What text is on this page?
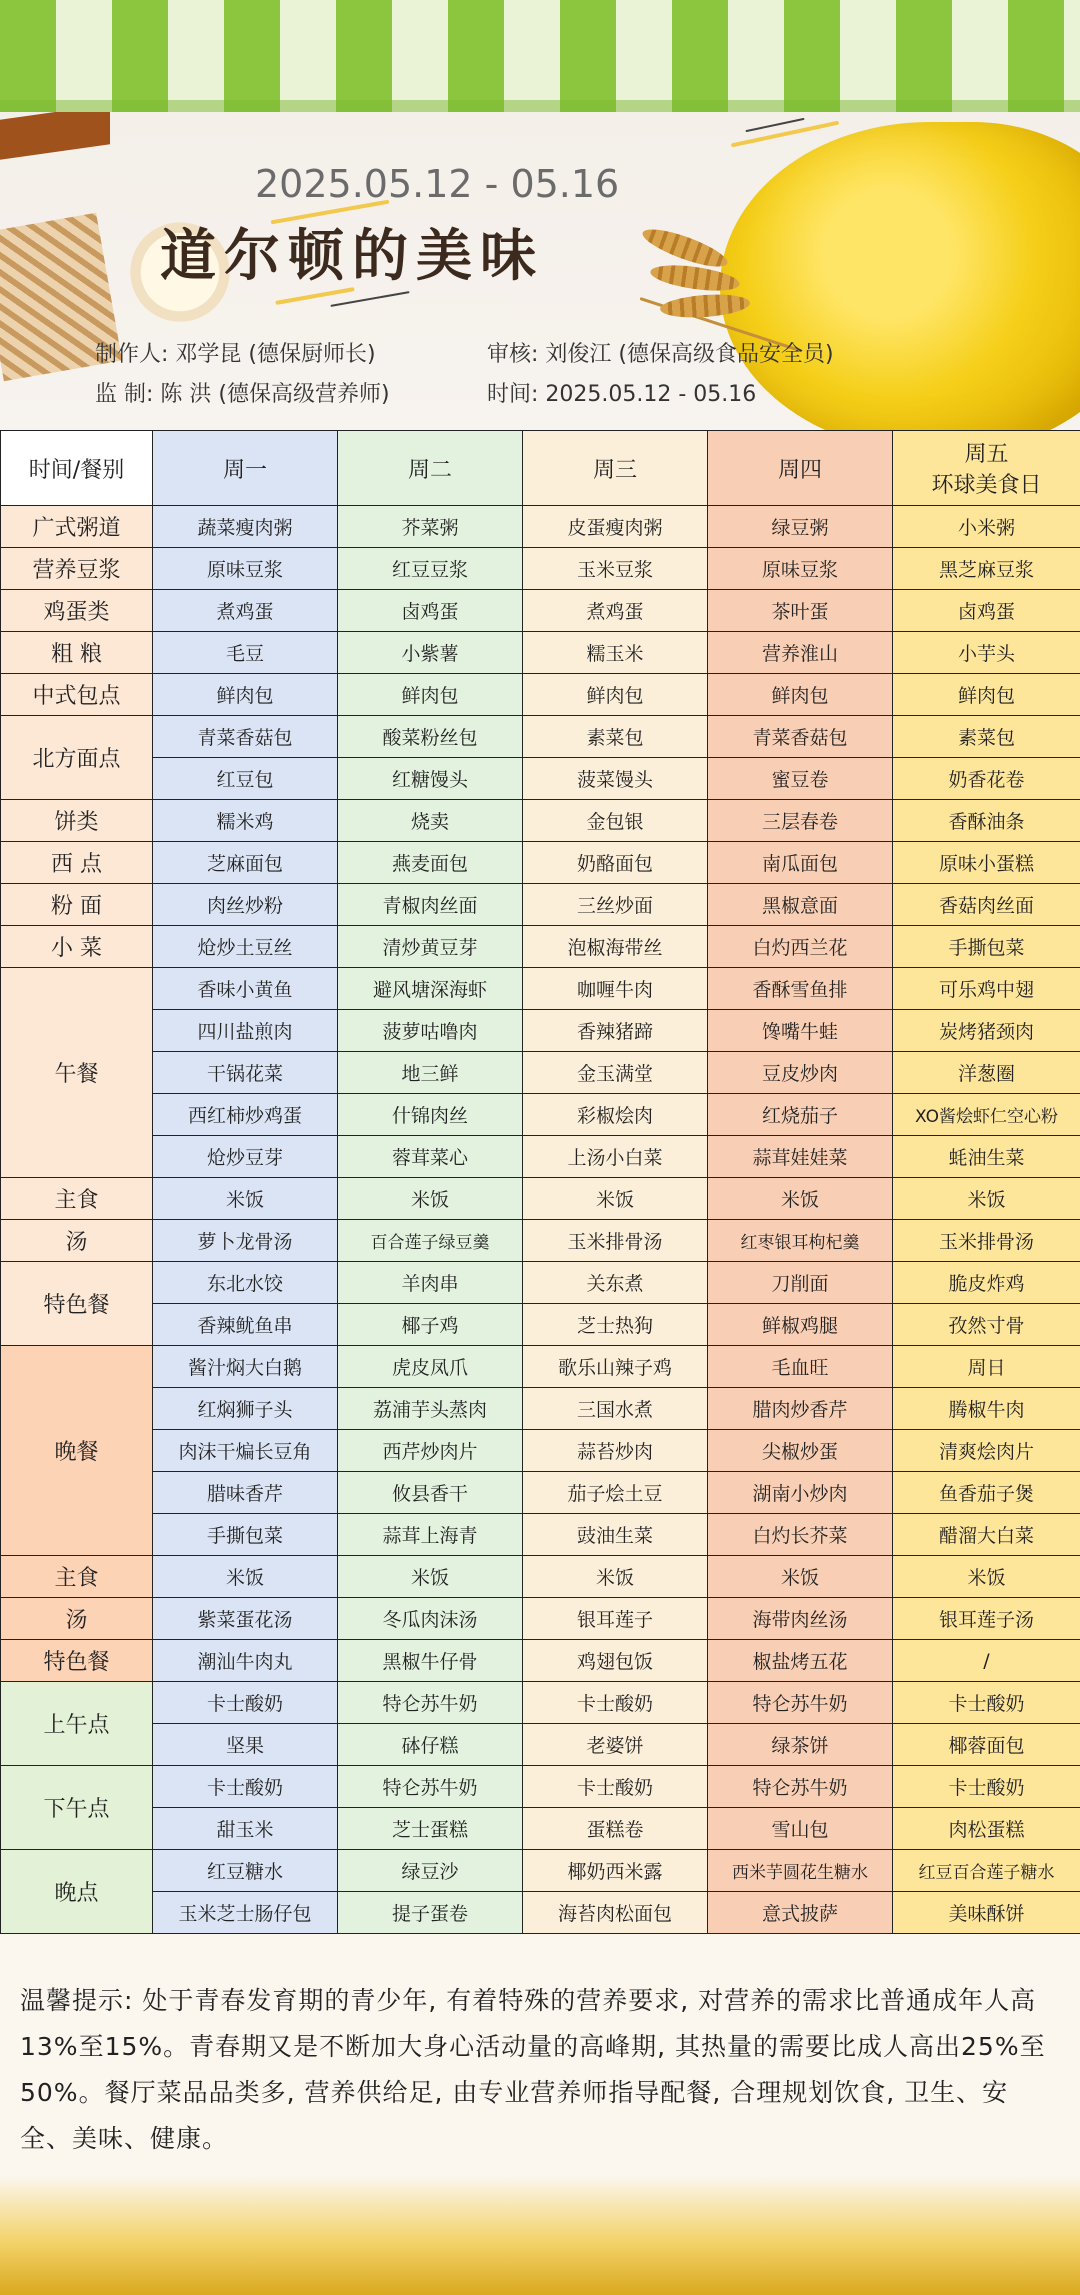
2025.05.12 - 05.16
道尔顿的美味
制作人: 邓学昆 (德保厨师长)	审核: 刘俊江 (德保高级食品安全员)
监 制: 陈 洪 (德保高级营养师)	时间: 2025.05.12 - 05.16
时间/餐别	周一	周二	周三	周四	周五
环球美食日
广式粥道	蔬菜瘦肉粥	芥菜粥	皮蛋瘦肉粥	绿豆粥	小米粥
营养豆浆	原味豆浆	红豆豆浆	玉米豆浆	原味豆浆	黑芝麻豆浆
鸡蛋类	煮鸡蛋	卤鸡蛋	煮鸡蛋	茶叶蛋	卤鸡蛋
粗 粮	毛豆	小紫薯	糯玉米	营养淮山	小芋头
中式包点	鲜肉包	鲜肉包	鲜肉包	鲜肉包	鲜肉包
北方面点	青菜香菇包	酸菜粉丝包	素菜包	青菜香菇包	素菜包
	红豆包	红糖馒头	菠菜馒头	蜜豆卷	奶香花卷
饼类	糯米鸡	烧卖	金包银	三层春卷	香酥油条
西 点	芝麻面包	燕麦面包	奶酪面包	南瓜面包	原味小蛋糕
粉 面	肉丝炒粉	青椒肉丝面	三丝炒面	黑椒意面	香菇肉丝面
小 菜	炝炒土豆丝	清炒黄豆芽	泡椒海带丝	白灼西兰花	手撕包菜
午餐	香味小黄鱼	避风塘深海虾	咖喱牛肉	香酥雪鱼排	可乐鸡中翅
	四川盐煎肉	菠萝咕噜肉	香辣猪蹄	馋嘴牛蛙	炭烤猪颈肉
	干锅花菜	地三鲜	金玉满堂	豆皮炒肉	洋葱圈
	西红柿炒鸡蛋	什锦肉丝	彩椒烩肉	红烧茄子	XO酱烩虾仁空心粉
	炝炒豆芽	蓉茸菜心	上汤小白菜	蒜茸娃娃菜	蚝油生菜
主食	米饭	米饭	米饭	米饭	米饭
汤	萝卜龙骨汤	百合莲子绿豆羹	玉米排骨汤	红枣银耳枸杞羹	玉米排骨汤
特色餐	东北水饺	羊肉串	关东煮	刀削面	脆皮炸鸡
	香辣鱿鱼串	椰子鸡	芝士热狗	鲜椒鸡腿	孜然寸骨
晚餐	酱汁焖大白鹅	虎皮凤爪	歌乐山辣子鸡	毛血旺	周日
	红焖狮子头	荔浦芋头蒸肉	三国水煮	腊肉炒香芹	腾椒牛肉
	肉沫干煸长豆角	西芹炒肉片	蒜苔炒肉	尖椒炒蛋	清爽烩肉片
	腊味香芹	攸县香干	茄子烩土豆	湖南小炒肉	鱼香茄子煲
	手撕包菜	蒜茸上海青	豉油生菜	白灼长芥菜	醋溜大白菜
主食	米饭	米饭	米饭	米饭	米饭
汤	紫菜蛋花汤	冬瓜肉沫汤	银耳莲子	海带肉丝汤	银耳莲子汤
特色餐	潮汕牛肉丸	黑椒牛仔骨	鸡翅包饭	椒盐烤五花	/
上午点	卡士酸奶	特仑苏牛奶	卡士酸奶	特仑苏牛奶	卡士酸奶
	坚果	砵仔糕	老婆饼	绿茶饼	椰蓉面包
下午点	卡士酸奶	特仑苏牛奶	卡士酸奶	特仑苏牛奶	卡士酸奶
	甜玉米	芝士蛋糕	蛋糕卷	雪山包	肉松蛋糕
晚点	红豆糖水	绿豆沙	椰奶西米露	西米芋圆花生糖水	红豆百合莲子糖水
	玉米芝士肠仔包	提子蛋卷	海苔肉松面包	意式披萨	美味酥饼
温馨提示: 处于青春发育期的青少年, 有着特殊的营养要求, 对营养的需求比普通成年人高13%至15%。青春期又是不断加大身心活动量的高峰期, 其热量的需要比成人高出25%至50%。餐厅菜品品类多, 营养供给足, 由专业营养师指导配餐, 合理规划饮食, 卫生、安全、美味、健康。
